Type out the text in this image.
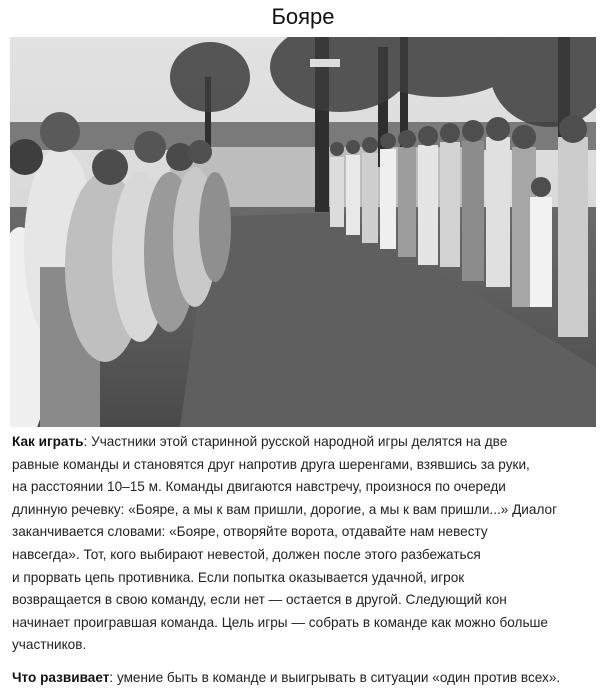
Бояре

Как играть: Участники этой старинной русской народной игры делятся на две

равные команды и становятся друг напротив друга шеренгами, взявшись за руки,

на расстоянии 10–15 м. Команды двигаются навстречу, произнося по очереди

длинную речевку: «Бояре, а мы к вам пришли, дорогие, а мы к вам пришли...» Диалог

заканчивается словами: «Бояре, отворяйте ворота, отдавайте нам невесту

навсегда». Тот, кого выбирают невестой, должен после этого разбежаться

и прорвать цепь противника. Если попытка оказывается удачной, игрок

возвращается в свою команду, если нет — остается в другой. Следующий кон

начинает проигравшая команда. Цель игры — собрать в команде как можно больше

участников.

Что развивает: умение быть в команде и выигрывать в ситуации «один против всех».
